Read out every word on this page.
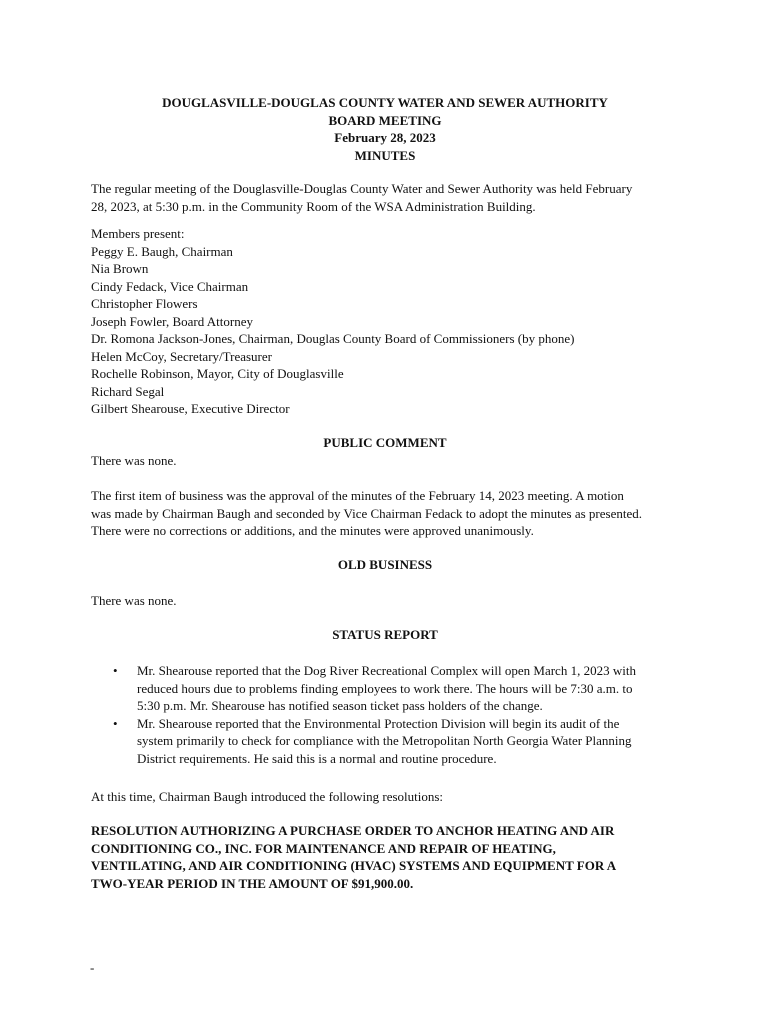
DOUGLASVILLE-DOUGLAS COUNTY WATER AND SEWER AUTHORITY
BOARD MEETING
February 28, 2023
MINUTES
The regular meeting of the Douglasville-Douglas County Water and Sewer Authority was held February
28, 2023, at 5:30 p.m. in the Community Room of the WSA Administration Building.
Members present:
Peggy E. Baugh, Chairman
Nia Brown
Cindy Fedack, Vice Chairman
Christopher Flowers
Joseph Fowler, Board Attorney
Dr. Romona Jackson-Jones, Chairman, Douglas County Board of Commissioners (by phone)
Helen McCoy, Secretary/Treasurer
Rochelle Robinson, Mayor, City of Douglasville
Richard Segal
Gilbert Shearouse, Executive Director
PUBLIC COMMENT
There was none.
The first item of business was the approval of the minutes of the February 14, 2023 meeting. A motion
was made by Chairman Baugh and seconded by Vice Chairman Fedack to adopt the minutes as presented.
There were no corrections or additions, and the minutes were approved unanimously.
OLD BUSINESS
There was none.
STATUS REPORT
• Mr. Shearouse reported that the Dog River Recreational Complex will open March 1, 2023 with
reduced hours due to problems finding employees to work there. The hours will be 7:30 a.m. to
5:30 p.m. Mr. Shearouse has notified season ticket pass holders of the change.
• Mr. Shearouse reported that the Environmental Protection Division will begin its audit of the
system primarily to check for compliance with the Metropolitan North Georgia Water Planning
District requirements. He said this is a normal and routine procedure.
At this time, Chairman Baugh introduced the following resolutions:
RESOLUTION AUTHORIZING A PURCHASE ORDER TO ANCHOR HEATING AND AIR
CONDITIONING CO., INC. FOR MAINTENANCE AND REPAIR OF HEATING,
VENTILATING, AND AIR CONDITIONING (HVAC) SYSTEMS AND EQUIPMENT FOR A
TWO-YEAR PERIOD IN THE AMOUNT OF $91,900.00.
-
